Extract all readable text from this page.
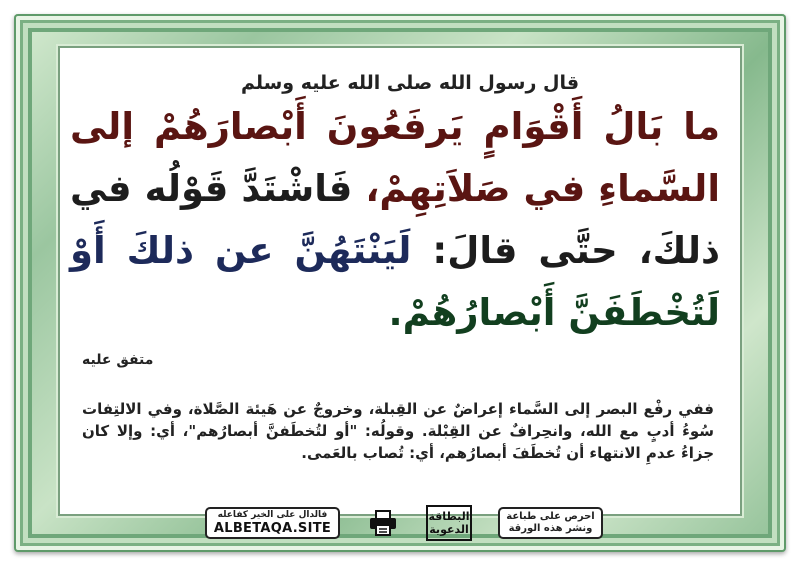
قال رسول الله صلى الله عليه وسلم
ما بَالُ أَقْوَامٍ يَرفَعُونَ أَبْصارَهُمْ إلى السَّماءِ في صَلاَتِهِمْ، فَاشْتَدَّ قَوْلُه في ذلكَ، حتَّى قالَ: لَيَنْتَهُنَّ عن ذلكَ أَوْ لَتُخْطَفَنَّ أَبْصارُهُمْ.
متفق عليه
ففي رفْع البصر إلى السَّماء إعراضٌ عن القِبلة، وخروجٌ عن هَيئة الصَّلاة، وفي الالتِفات سُوءُ أدبٍ مع الله، وانحِرافٌ عن القِبْلة. وقولُه: "أو لتُخطَفنَّ أبصارُهم"، أي: وإلا كان جزاءُ عدمِ الانتهاء أن تُخطَفَ أبصارُهم، أي: تُصاب بالعَمى.
فالدال على الخير كفاعله
ALBETAQA.SITE
البطاقة
الدعوية
احرص على طباعة
ونشر هذه الورقة
